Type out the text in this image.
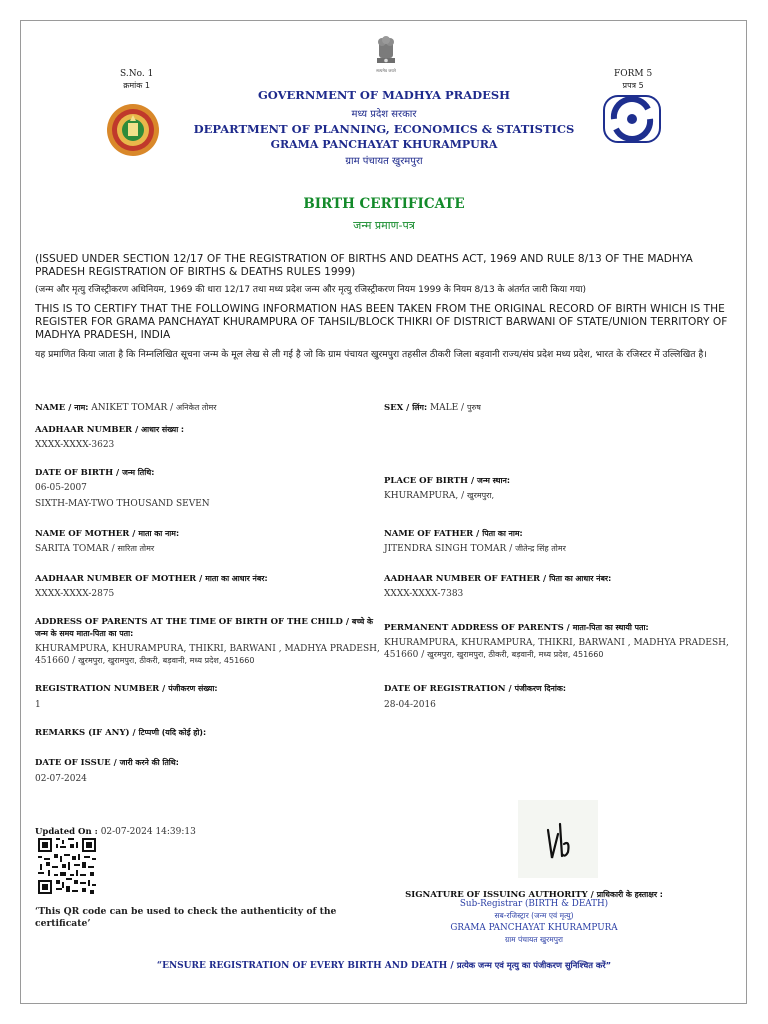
S.No. 1
क्रमांक 1
FORM 5
प्रपत्र 5
सत्यमेव जयते
GOVERNMENT OF MADHYA PRADESH
मध्य प्रदेश सरकार
DEPARTMENT OF PLANNING, ECONOMICS & STATISTICS
GRAMA PANCHAYAT KHURAMPURA
ग्राम पंचायत खुरमपुरा
BIRTH CERTIFICATE
जन्म प्रमाण-पत्र
(ISSUED UNDER SECTION 12/17 OF THE REGISTRATION OF BIRTHS AND DEATHS ACT, 1969 AND RULE 8/13 OF THE MADHYA PRADESH REGISTRATION OF BIRTHS & DEATHS RULES 1999)
(जन्म और मृत्यु रजिस्ट्रीकरण अधिनियम, 1969 की धारा 12/17 तथा मध्य प्रदेश जन्म और मृत्यु रजिस्ट्रीकरण नियम 1999 के नियम 8/13 के अंतर्गत जारी किया गया)
THIS IS TO CERTIFY THAT THE FOLLOWING INFORMATION HAS BEEN TAKEN FROM THE ORIGINAL RECORD OF BIRTH WHICH IS THE REGISTER FOR GRAMA PANCHAYAT KHURAMPURA OF TAHSIL/BLOCK THIKRI OF DISTRICT BARWANI OF STATE/UNION TERRITORY OF MADHYA PRADESH, INDIA
यह प्रमाणित किया जाता है कि निम्नलिखित सूचना जन्म के मूल लेख से ली गई है जो कि ग्राम पंचायत खुरमपुरा तहसील ठीकरी जिला बड़वानी राज्य/संघ प्रदेश मध्य प्रदेश, भारत के रजिस्टर में उल्लिखित है।
NAME / नाम: ANIKET TOMAR / अनिकेत तोमर	SEX / लिंग: MALE / पुरुष
AADHAAR NUMBER / आधार संख्या :
XXXX-XXXX-3623
DATE OF BIRTH / जन्म तिथि:
06-05-2007
SIXTH-MAY-TWO THOUSAND SEVEN
PLACE OF BIRTH / जन्म स्थान:
KHURAMPURA, / खुरमपुरा,
NAME OF MOTHER / माता का नाम:
SARITA TOMAR / सारिता तोमर
NAME OF FATHER / पिता का नाम:
JITENDRA SINGH TOMAR / जीतेन्द्र सिंह तोमर
AADHAAR NUMBER OF MOTHER / माता का आधार नंबर:
XXXX-XXXX-2875
AADHAAR NUMBER OF FATHER / पिता का आधार नंबर:
XXXX-XXXX-7383
ADDRESS OF PARENTS AT THE TIME OF BIRTH OF THE CHILD / बच्चे के जन्म के समय माता-पिता का पता:
KHURAMPURA, KHURAMPURA, THIKRI, BARWANI , MADHYA PRADESH, 451660 / खुरमपुरा, खुरामपुरा, ठीकरी, बड़वानी, मध्य प्रदेश, 451660
PERMANENT ADDRESS OF PARENTS / माता-पिता का स्थायी पता:
KHURAMPURA, KHURAMPURA, THIKRI, BARWANI , MADHYA PRADESH, 451660 / खुरमपुरा, खुरामपुरा, ठीकरी, बड़वानी, मध्य प्रदेश, 451660
REGISTRATION NUMBER / पंजीकरण संख्या:
1
DATE OF REGISTRATION / पंजीकरण दिनांक:
28-04-2016
REMARKS (IF ANY) / टिप्पणी (यदि कोई हो):
DATE OF ISSUE / जारी करने की तिथि:
02-07-2024
Updated On : 02-07-2024 14:39:13
SIGNATURE OF ISSUING AUTHORITY / प्राधिकारी के हस्ताक्षर :
Sub-Registrar (BIRTH & DEATH)
सब-रजिस्ट्रार (जन्म एवं मृत्यु)
GRAMA PANCHAYAT KHURAMPURA
ग्राम पंचायत खुरमपुरा
‘This QR code can be used to check the authenticity of the certificate’
“ENSURE REGISTRATION OF EVERY BIRTH AND DEATH / प्रत्येक जन्म एवं मृत्यु का पंजीकरण सुनिश्चित करें”
